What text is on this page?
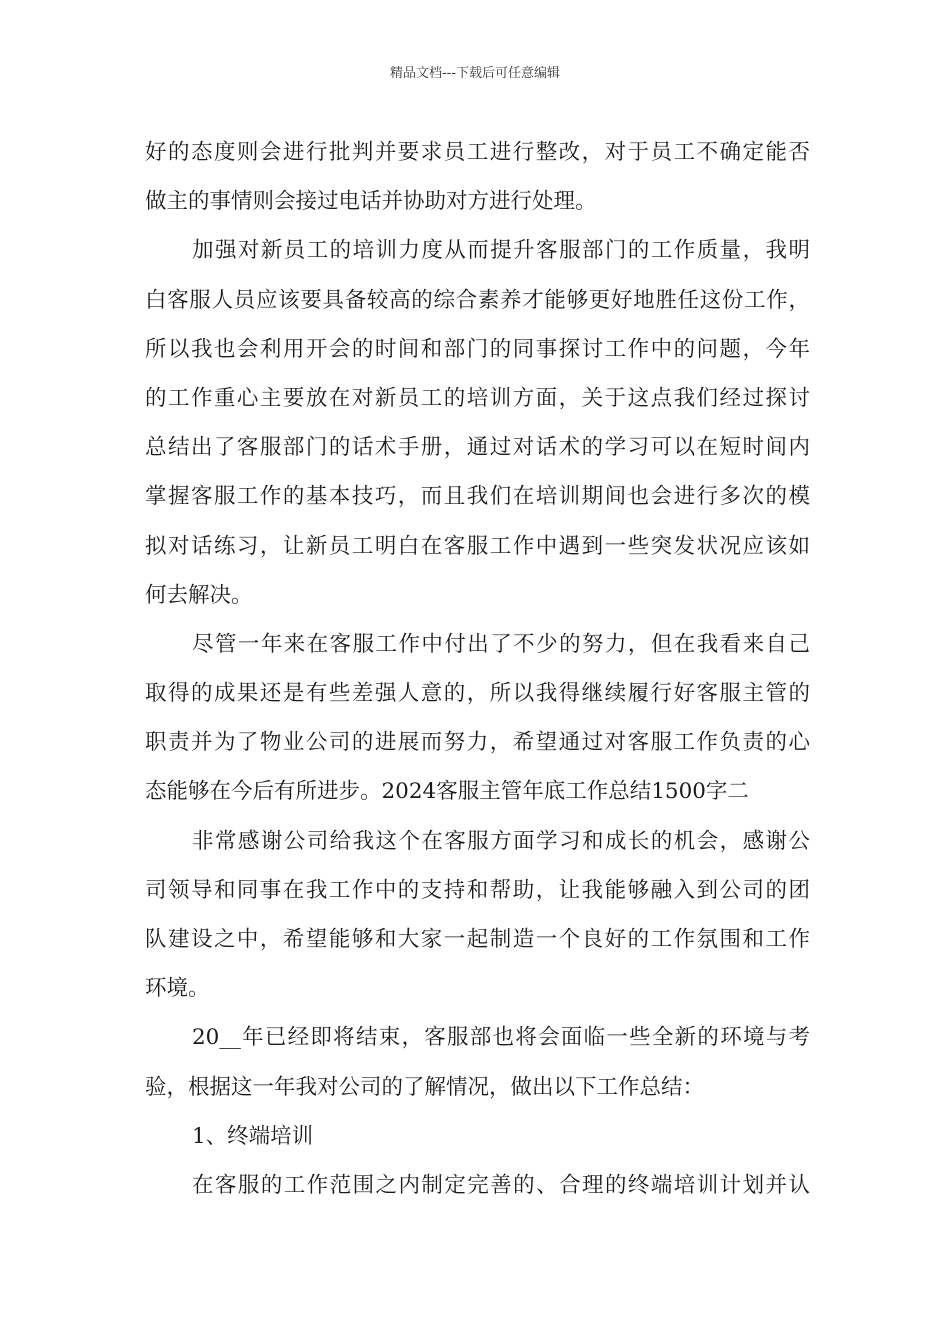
精品文档---下载后可任意编辑
好的态度则会进行批判并要求员工进行整改，对于员工不确定能否
做主的事情则会接过电话并协助对方进行处理。
加强对新员工的培训力度从而提升客服部门的工作质量，我明
白客服人员应该要具备较高的综合素养才能够更好地胜任这份工作，
所以我也会利用开会的时间和部门的同事探讨工作中的问题，今年
的工作重心主要放在对新员工的培训方面，关于这点我们经过探讨
总结出了客服部门的话术手册，通过对话术的学习可以在短时间内
掌握客服工作的基本技巧，而且我们在培训期间也会进行多次的模
拟对话练习，让新员工明白在客服工作中遇到一些突发状况应该如
何去解决。
尽管一年来在客服工作中付出了不少的努力，但在我看来自己
取得的成果还是有些差强人意的，所以我得继续履行好客服主管的
职责并为了物业公司的进展而努力，希望通过对客服工作负责的心
态能够在今后有所进步。2024客服主管年底工作总结1500字二
非常感谢公司给我这个在客服方面学习和成长的机会，感谢公
司领导和同事在我工作中的支持和帮助，让我能够融入到公司的团
队建设之中，希望能够和大家一起制造一个良好的工作氛围和工作
环境。
20__年已经即将结束，客服部也将会面临一些全新的环境与考
验，根据这一年我对公司的了解情况，做出以下工作总结：
1、终端培训
在客服的工作范围之内制定完善的、合理的终端培训计划并认
